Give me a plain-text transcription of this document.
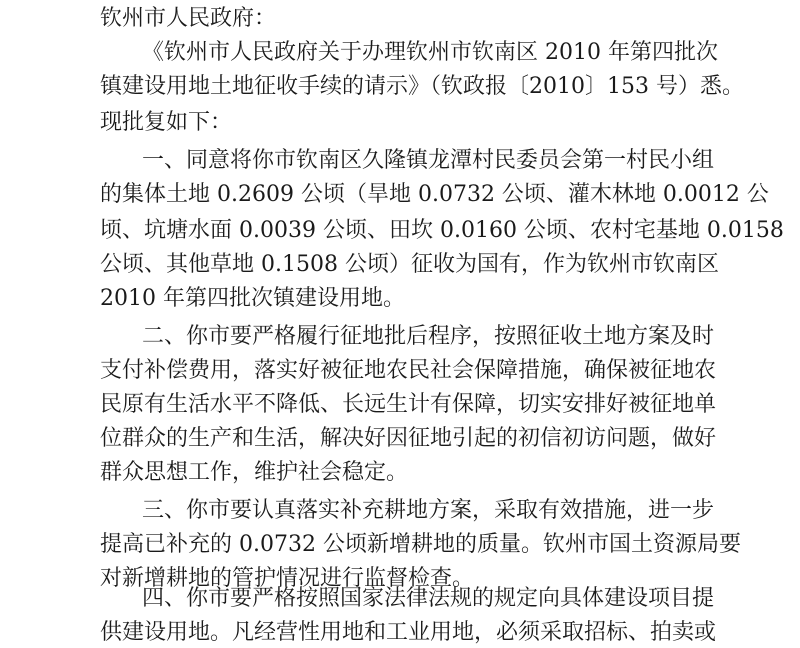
钦州市人民政府：
《钦州市人民政府关于办理钦州市钦南区 2010 年第四批次
镇建设用地土地征收手续的请示》（钦政报〔2010〕153 号）悉。
现批复如下：
一、同意将你市钦南区久隆镇龙潭村民委员会第一村民小组
的集体土地 0.2609 公顷（旱地 0.0732 公顷、灌木林地 0.0012 公
顷、坑塘水面 0.0039 公顷、田坎 0.0160 公顷、农村宅基地 0.0158
公顷、其他草地 0.1508 公顷）征收为国有，作为钦州市钦南区
2010 年第四批次镇建设用地。
二、你市要严格履行征地批后程序，按照征收土地方案及时
支付补偿费用，落实好被征地农民社会保障措施，确保被征地农
民原有生活水平不降低、长远生计有保障，切实安排好被征地单
位群众的生产和生活，解决好因征地引起的初信初访问题，做好
群众思想工作，维护社会稳定。
三、你市要认真落实补充耕地方案，采取有效措施，进一步
提高已补充的 0.0732 公顷新增耕地的质量。钦州市国土资源局要
对新增耕地的管护情况进行监督检查。
四、你市要严格按照国家法律法规的规定向具体建设项目提
供建设用地。凡经营性用地和工业用地，必须采取招标、拍卖或
